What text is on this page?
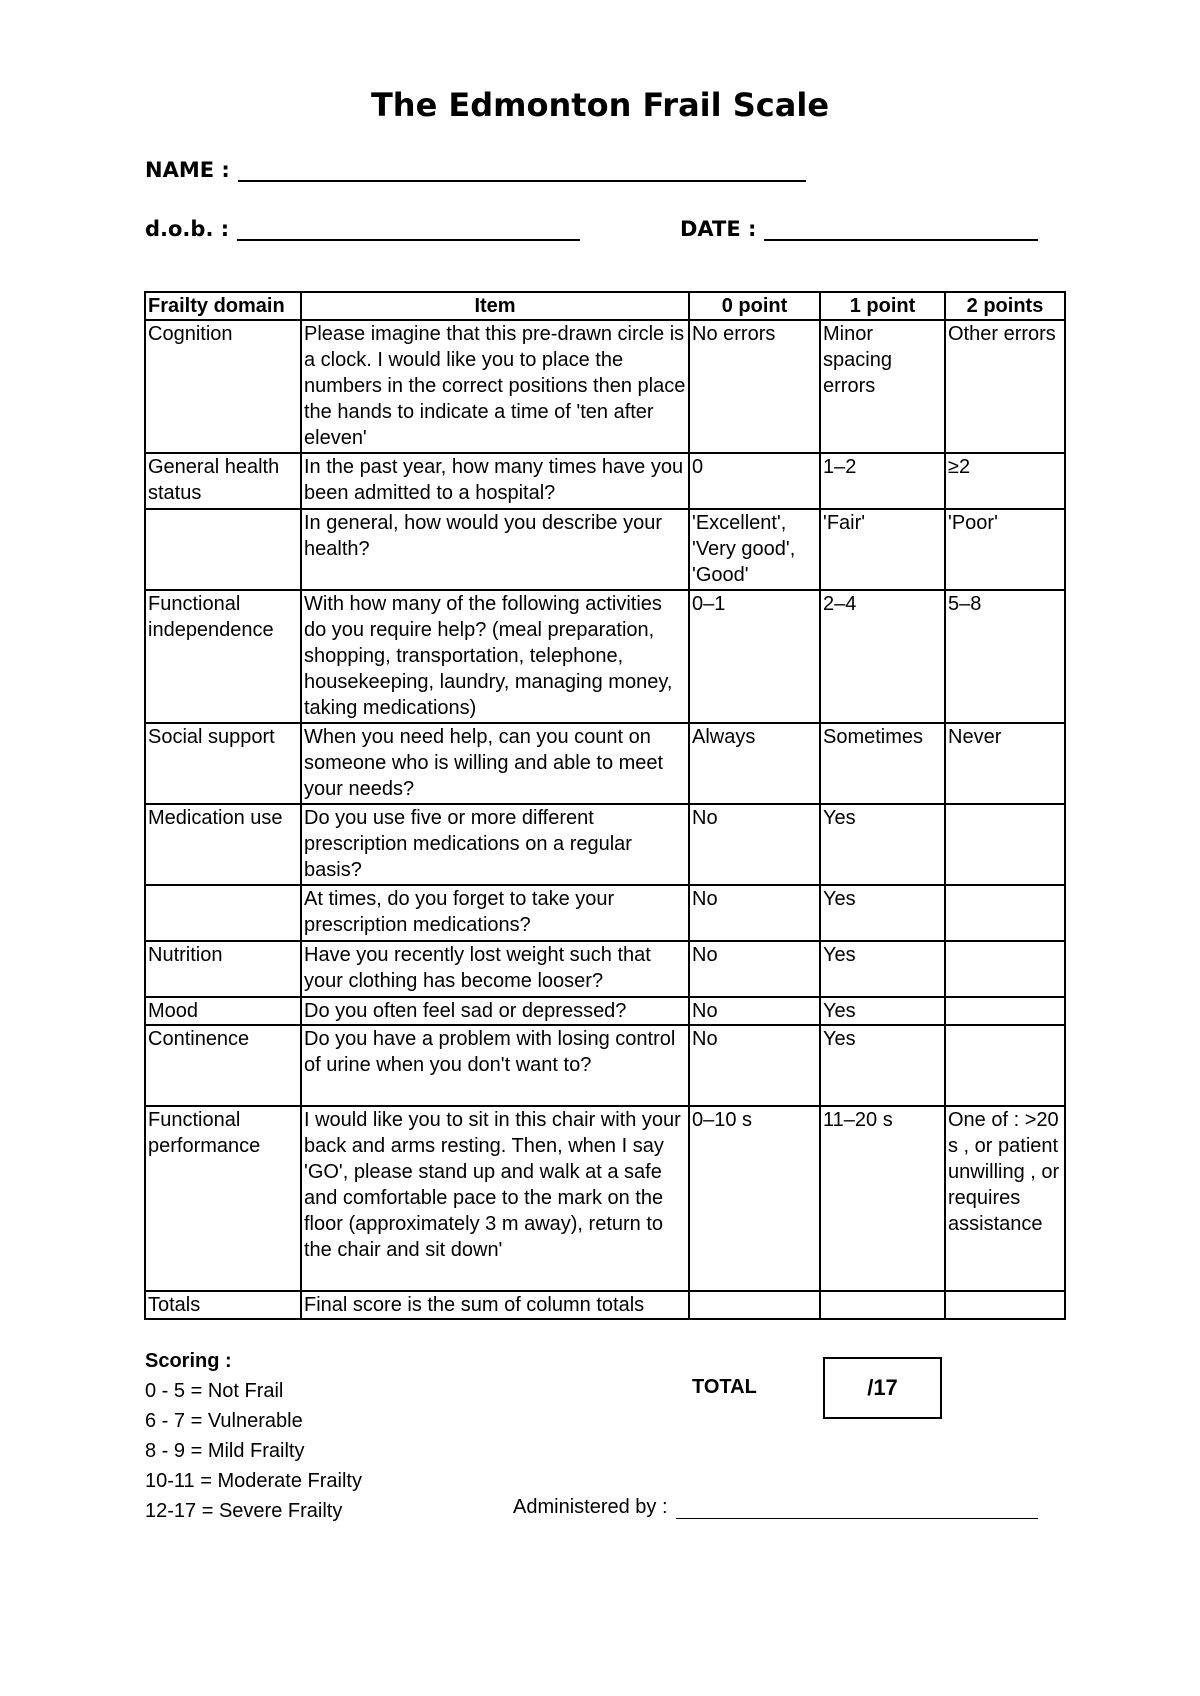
The Edmonton Frail Scale
NAME :
d.o.b. :	DATE :
Frailty domain	Item	0 point	1 point	2 points
Cognition	Please imagine that this pre-drawn circle is a clock. I would like you to place the numbers in the correct positions then place the hands to indicate a time of 'ten after eleven'	No errors	Minor spacing errors	Other errors
General health status	In the past year, how many times have you been admitted to a hospital?	0	1–2	≥2
	In general, how would you describe your health?	'Excellent', 'Very good', 'Good'	'Fair'	'Poor'
Functional independence	With how many of the following activities do you require help? (meal preparation, shopping, transportation, telephone, housekeeping, laundry, managing money, taking medications)	0–1	2–4	5–8
Social support	When you need help, can you count on someone who is willing and able to meet your needs?	Always	Sometimes	Never
Medication use	Do you use five or more different prescription medications on a regular basis?	No	Yes	
	At times, do you forget to take your prescription medications?	No	Yes	
Nutrition	Have you recently lost weight such that your clothing has become looser?	No	Yes	
Mood	Do you often feel sad or depressed?	No	Yes	
Continence	Do you have a problem with losing control of urine when you don't want to?	No	Yes	
Functional performance	I would like you to sit in this chair with your back and arms resting. Then, when I say 'GO', please stand up and walk at a safe and comfortable pace to the mark on the floor (approximately 3 m away), return to the chair and sit down'	0–10 s	11–20 s	One of : >20 s , or patient unwilling , or requires assistance
Totals	Final score is the sum of column totals			
Scoring :
0 - 5 = Not Frail
6 - 7 = Vulnerable
8 - 9 = Mild Frailty
10-11 = Moderate Frailty
12-17 = Severe Frailty
TOTAL	/17
Administered by :
